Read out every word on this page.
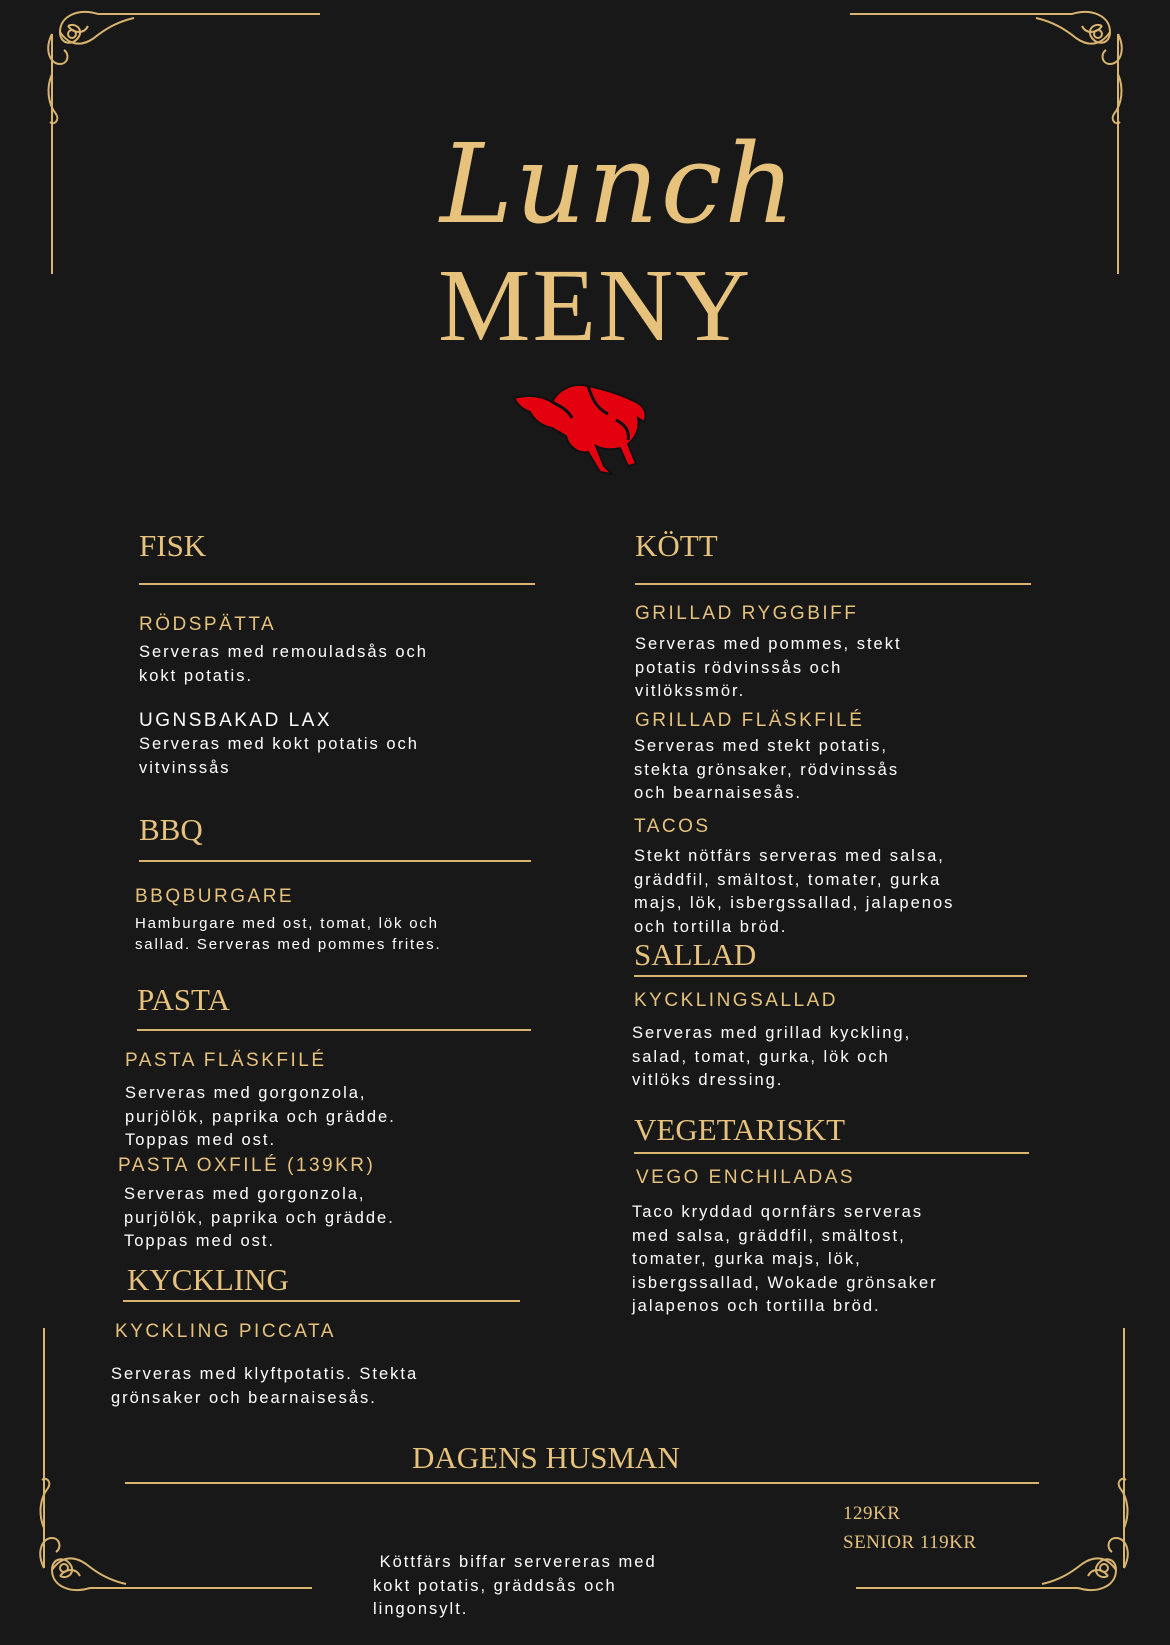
Lunch
MENY
FISK
RÖDSPÄTTA
Serveras med remouladsås och
kokt potatis.
UGNSBAKAD LAX
Serveras med kokt potatis och
vitvinssås
BBQ
BBQBURGARE
Hamburgare med ost, tomat, lök och
sallad. Serveras med pommes frites.
PASTA
PASTA FLÄSKFILÉ
Serveras med gorgonzola,
purjölök, paprika och grädde.
Toppas med ost.
PASTA OXFILÉ (139KR)
Serveras med gorgonzola,
purjölök, paprika och grädde.
Toppas med ost.
KYCKLING
KYCKLING PICCATA
Serveras med klyftpotatis. Stekta
grönsaker och bearnaisesås.
KÖTT
GRILLAD RYGGBIFF
Serveras med pommes, stekt
potatis rödvinssås och
vitlökssmör.
GRILLAD FLÄSKFILÉ
Serveras med stekt potatis,
stekta grönsaker, rödvinssås
och bearnaisesås.
TACOS
Stekt nötfärs serveras med salsa,
gräddfil, smältost, tomater, gurka
majs, lök, isbergssallad, jalapenos
och tortilla bröd.
SALLAD
KYCKLINGSALLAD
Serveras med grillad kyckling,
salad, tomat, gurka, lök och
vitlöks dressing.
VEGETARISKT
VEGO ENCHILADAS
Taco kryddad qornfärs serveras
med salsa, gräddfil, smältost,
tomater, gurka majs, lök,
isbergssallad, Wokade grönsaker
jalapenos och tortilla bröd.
DAGENS HUSMAN

Köttfärs biffar servereras med
kokt potatis, gräddsås och
lingonsylt.

129KR
SENIOR 119KR
